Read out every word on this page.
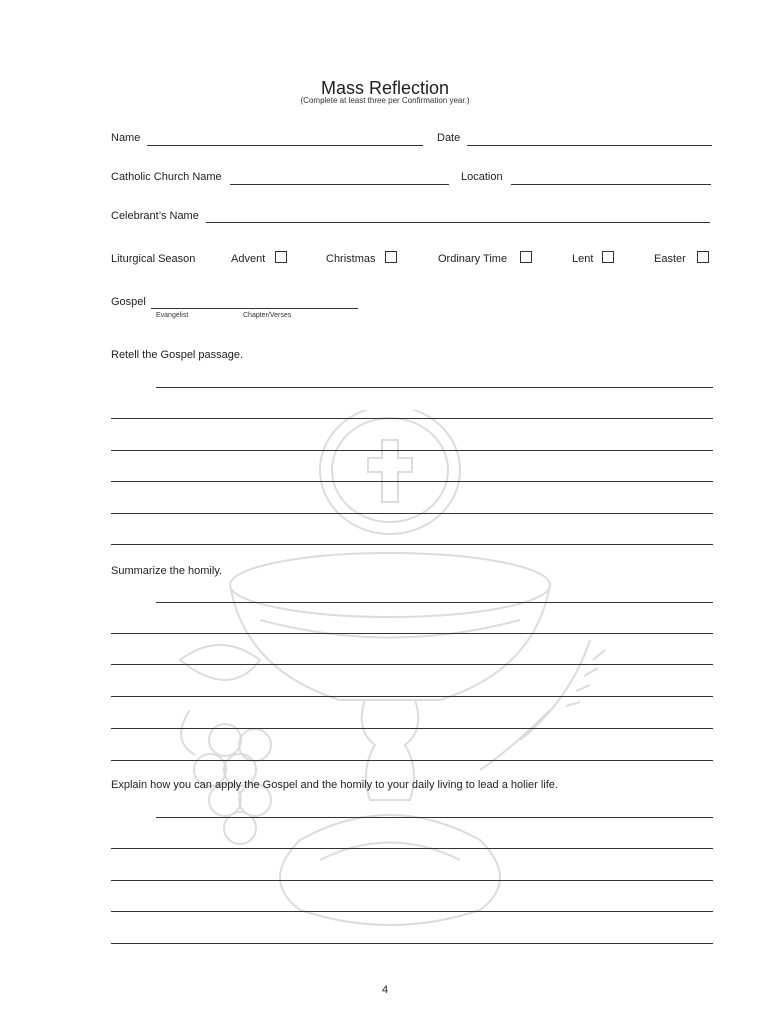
Mass Reflection
(Complete at least three per Confirmation year.)
Name	Date
Catholic Church Name	Location
Celebrant’s Name
Liturgical Season	Advent	Christmas	Ordinary Time	Lent	Easter
Gospel
Evangelist	Chapter/Verses
Retell the Gospel passage.
Summarize the homily.
Explain how you can apply the Gospel and the homily to your daily living to lead a holier life.
4
